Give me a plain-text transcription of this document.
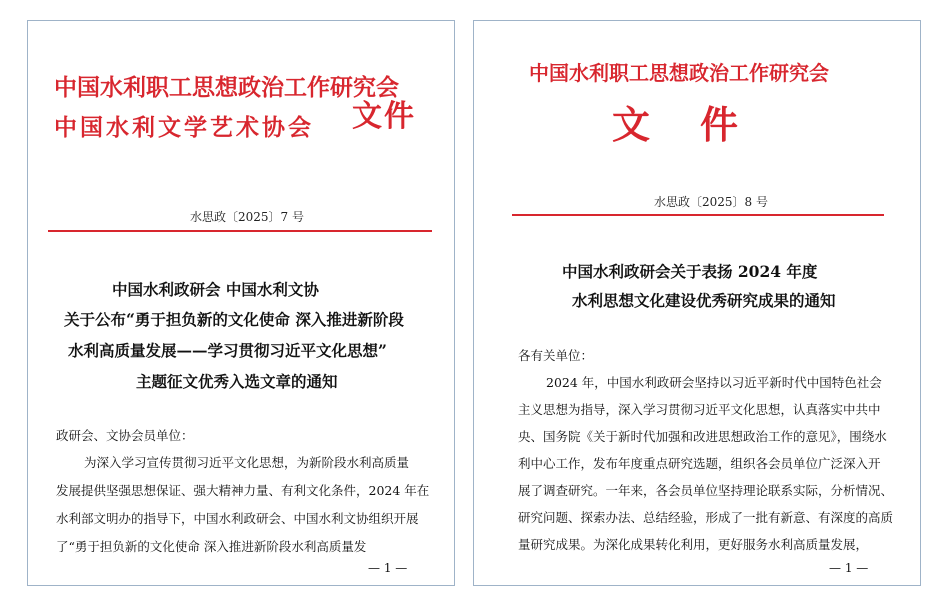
中国水利职工思想政治工作研究会
中国水利文学艺术协会 文件
水思政〔2025〕7 号
中国水利政研会 中国水利文协
关于公布“勇于担负新的文化使命 深入推进新阶段
水利高质量发展——学习贯彻习近平文化思想”
主题征文优秀入选文章的通知
政研会、文协会员单位：
为深入学习宣传贯彻习近平文化思想，为新阶段水利高质量
发展提供坚强思想保证、强大精神力量、有利文化条件，2024 年在
水利部文明办的指导下，中国水利政研会、中国水利文协组织开展
了“勇于担负新的文化使命 深入推进新阶段水利高质量发
— 1 —
中国水利职工思想政治工作研究会
文件
水思政〔2025〕8 号
中国水利政研会关于表扬 2024 年度
水利思想文化建设优秀研究成果的通知
各有关单位：
2024 年，中国水利政研会坚持以习近平新时代中国特色社会
主义思想为指导，深入学习贯彻习近平文化思想，认真落实中共中
央、国务院《关于新时代加强和改进思想政治工作的意见》，围绕水
利中心工作，发布年度重点研究选题，组织各会员单位广泛深入开
展了调查研究。一年来，各会员单位坚持理论联系实际，分析情况、
研究问题、探索办法、总结经验，形成了一批有新意、有深度的高质
量研究成果。为深化成果转化利用，更好服务水利高质量发展，
— 1 —
